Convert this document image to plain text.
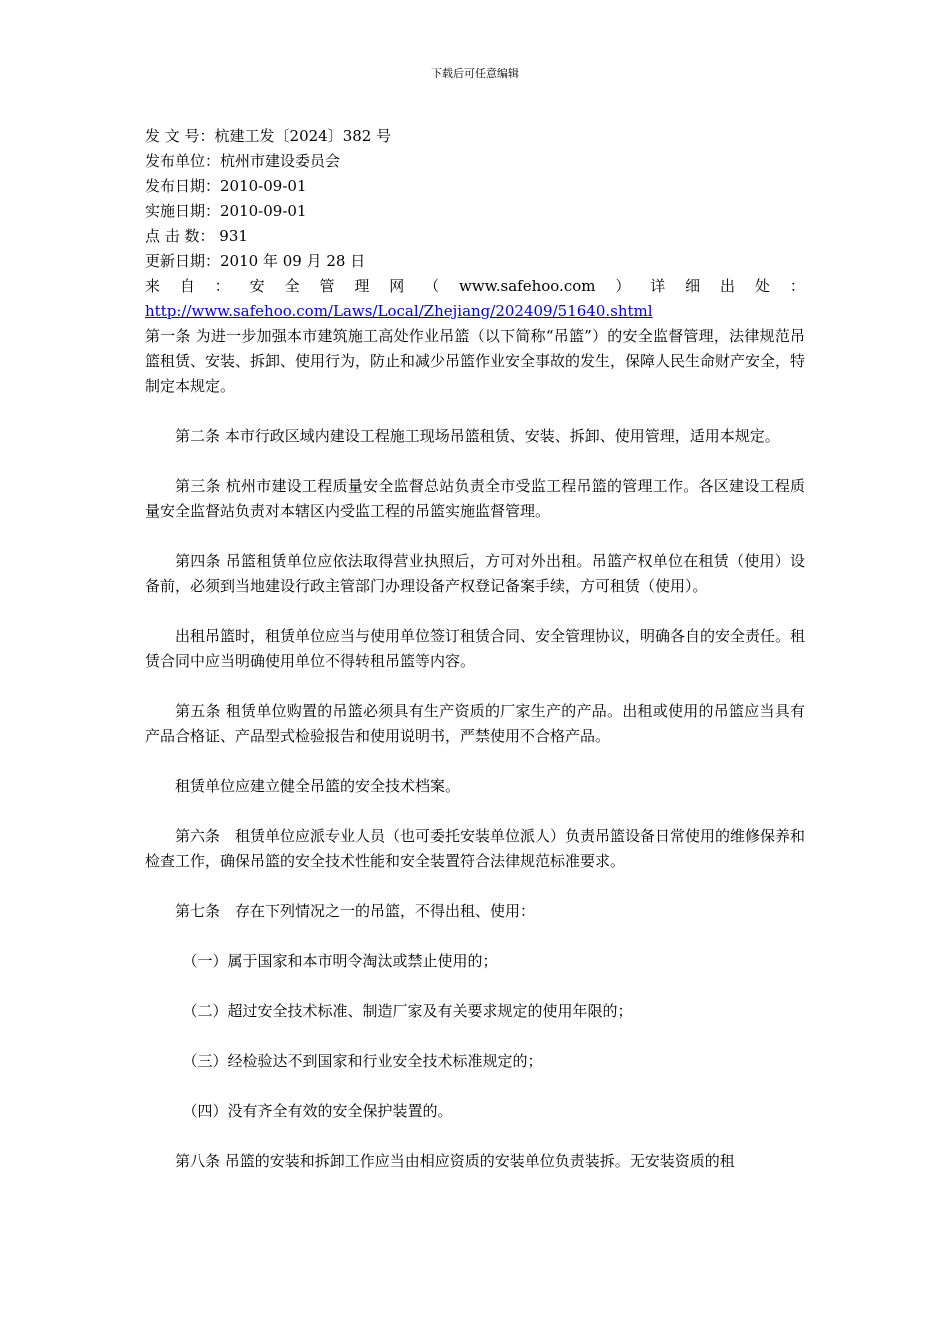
下载后可任意编辑

发 文 号：杭建工发〔2024〕382 号

发布单位：杭州市建设委员会

发布日期：2010-09-01

实施日期：2010-09-01

点 击 数： 931

更新日期：2010 年 09 月 28 日

来 自 ： 安 全 管 理 网 （ www.safehoo.com ） 详 细 出 处 ：

http://www.safehoo.com/Laws/Local/Zhejiang/202409/51640.shtml

第一条 为进一步加强本市建筑施工高处作业吊篮（以下简称“吊篮”）的安全监督管理，法律规范吊篮租赁、安装、拆卸、使用行为，防止和减少吊篮作业安全事故的发生，保障人民生命财产安全，特制定本规定。

第二条 本市行政区域内建设工程施工现场吊篮租赁、安装、拆卸、使用管理，适用本规定。

第三条 杭州市建设工程质量安全监督总站负责全市受监工程吊篮的管理工作。各区建设工程质量安全监督站负责对本辖区内受监工程的吊篮实施监督管理。

第四条 吊篮租赁单位应依法取得营业执照后，方可对外出租。吊篮产权单位在租赁（使用）设备前，必须到当地建设行政主管部门办理设备产权登记备案手续，方可租赁（使用）。

出租吊篮时，租赁单位应当与使用单位签订租赁合同、安全管理协议，明确各自的安全责任。租赁合同中应当明确使用单位不得转租吊篮等内容。

第五条 租赁单位购置的吊篮必须具有生产资质的厂家生产的产品。出租或使用的吊篮应当具有产品合格证、产品型式检验报告和使用说明书，严禁使用不合格产品。

租赁单位应建立健全吊篮的安全技术档案。

第六条　租赁单位应派专业人员（也可委托安装单位派人）负责吊篮设备日常使用的维修保养和检查工作，确保吊篮的安全技术性能和安全装置符合法律规范标准要求。

第七条　存在下列情况之一的吊篮，不得出租、使用：

（一）属于国家和本市明令淘汰或禁止使用的；

（二）超过安全技术标准、制造厂家及有关要求规定的使用年限的；

（三）经检验达不到国家和行业安全技术标准规定的；

（四）没有齐全有效的安全保护装置的。

第八条 吊篮的安装和拆卸工作应当由相应资质的安装单位负责装拆。无安装资质的租
